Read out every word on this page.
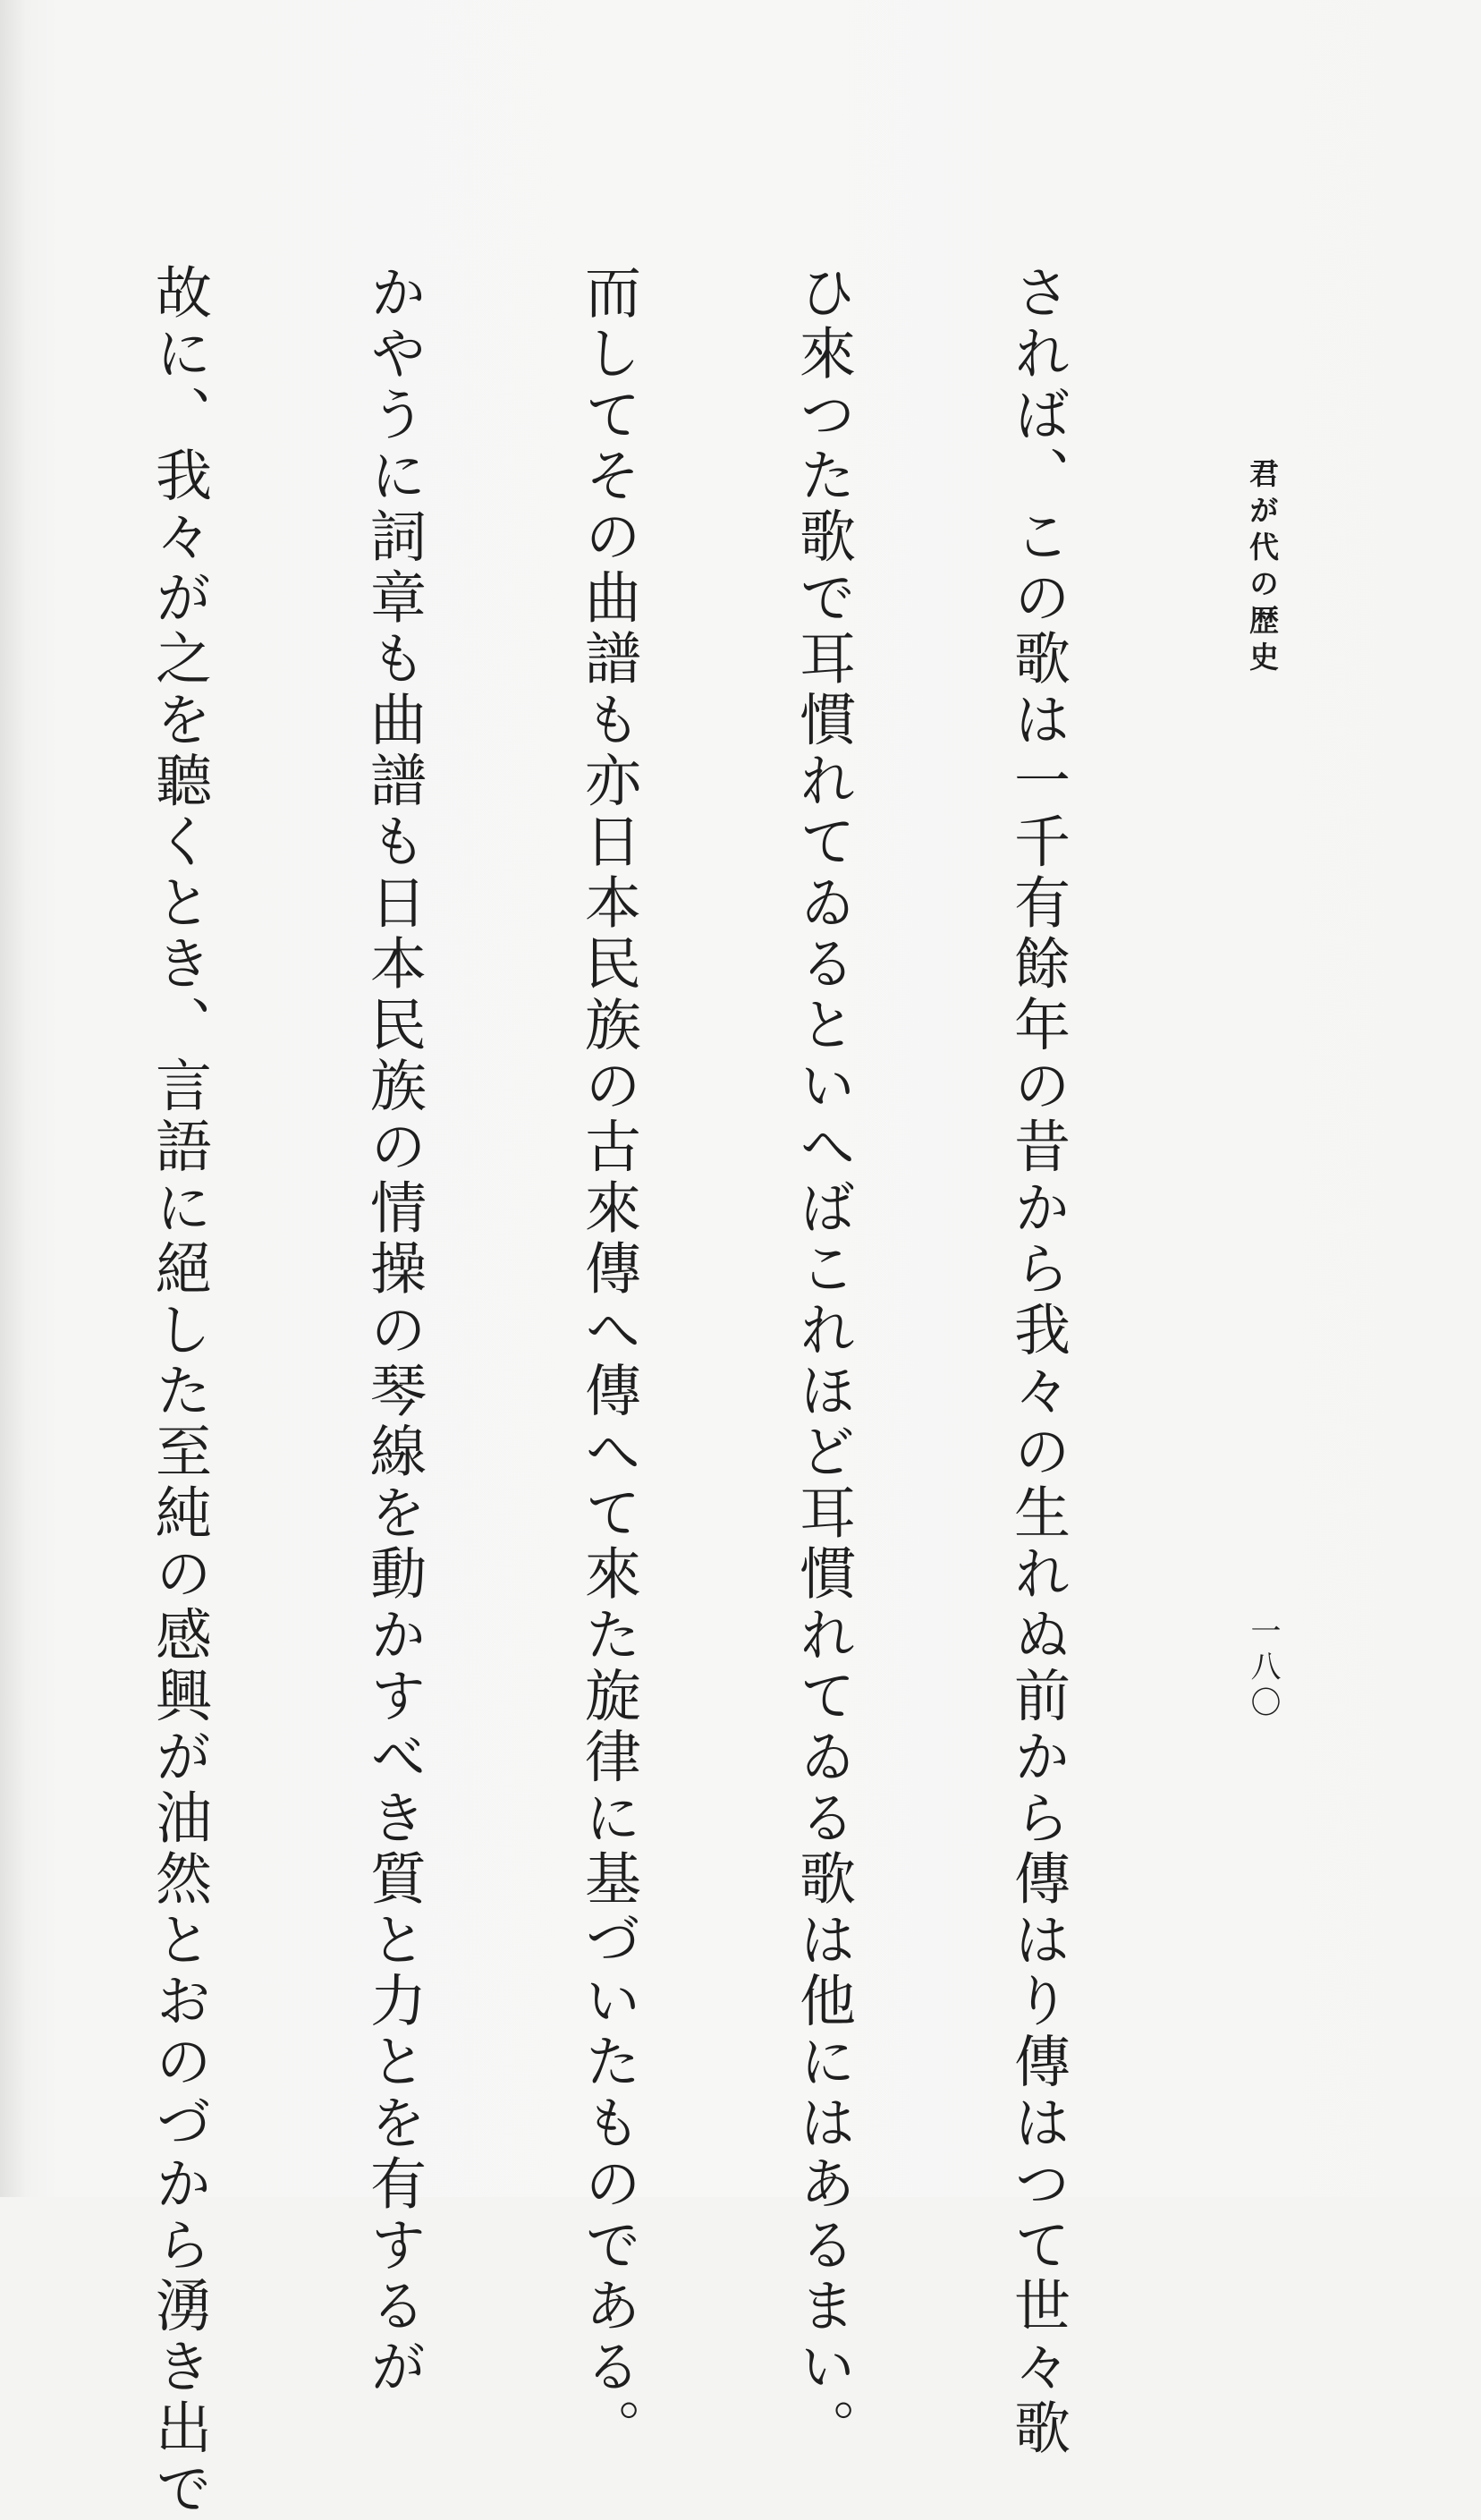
君が代の歴史

されば、この歌は一千有餘年の昔から我々の生れぬ前から傳はり傳はつて世々歌

ひ來つた歌で耳慣れてゐるといへばこれほど耳慣れてゐる歌は他にはあるまい。

而してその曲譜も亦日本民族の古來傳へ傳へて來た旋律に基づいたものである。

かやうに詞章も曲譜も日本民族の情操の琴線を動かすべき質と力とを有するが

故に、我々が之を聽くとき、言語に絕した至純の感興が油然とおのづから湧き出で

	一八〇
